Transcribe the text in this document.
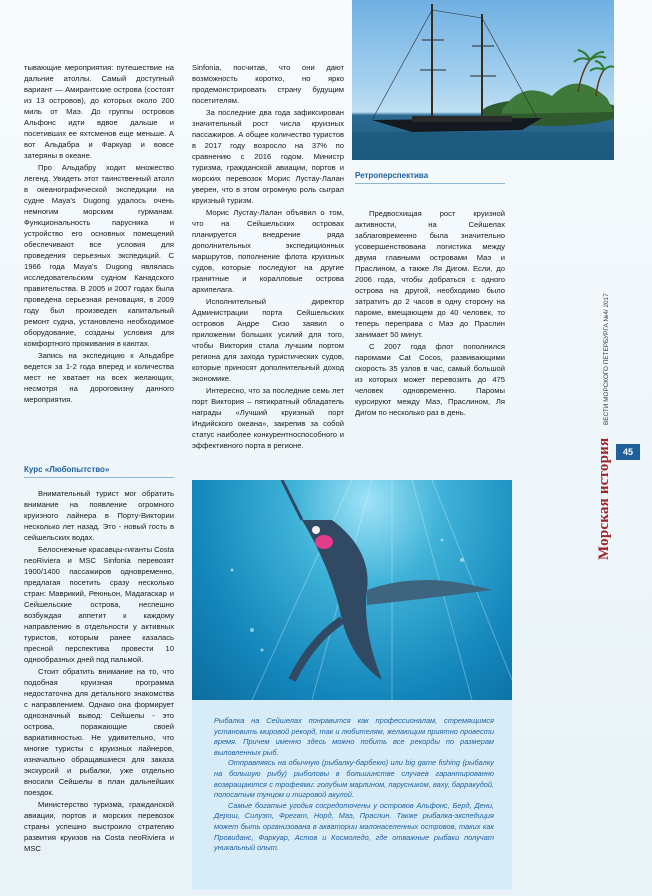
тывающие мероприятия: путешествие на дальние атоллы. Самый доступный вариант — Амирантские острова (состоят из 13 островов), до которых около 200 миль от Маэ. До группы островов Альфонс идти вдвое дальше и посетивших ее яхтсменов еще меньше. А вот Альдабра и Фаркуар и вовсе затеряны в океане.

Про Альдабру ходит множество легенд. Увидеть этот таинственный атолл в океанографической экспедиции на судне Maya's Dugong удалось очень немногим морским гурманам. Функциональность парусника и устройство его основных помещений обеспечивают все условия для проведения серьезных экспедиций. С 1966 года Maya's Dugong являлась исследовательским судном Канадского правительства. В 2005 и 2007 годах была проведена серьезная реновация, в 2009 году был произведен капитальный ремонт судна, установлено необходимое оборудование, созданы условия для комфортного проживания в каютах.

Запись на экспедицию к Альдабре ведется за 1-2 года вперед и количества мест не хватает на всех желающих, несмотря на дороговизну данного мероприятия.

Курс «Любопытство»

Внимательный турист мог обратить внимание на появление огромного круизного лайнера в Порту-Виктории несколько лет назад. Это - новый гость в сейшельских водах.

Белоснежные красавцы-гиганты Costa neoRiviera и MSC Sinfonia перевозят 1900/1400 пассажиров одновременно, предлагая посетить сразу несколько стран: Маврикий, Реюньон, Мадагаскар и Сейшельские острова, неспешно возбуждая аппетит к каждому направлению в отдельности у активных туристов, которым ранее казалась пресной перспектива провести 10 однообразных дней под пальмой.

Стоит обратить внимание на то, что подобная круизная программа недостаточна для детального знакомства с направлением. Однако она формирует однозначный вывод: Сейшелы - это острова, поражающие своей вариативностью. Не удивительно, что многие туристы с круизных лайнеров, изначально обращавшиеся для заказа экскурсий и рыбалки, уже отдельно вносили Сейшелы в план дальнейших поездок.

Министерство туризма, гражданской авиации, портов и морских перевозок страны успешно выстроило стратегию развития круизов на Costa neoRiviera и MSC

Sinfonia, посчитав, что они дают возможность коротко, но ярко продемонстрировать страну будущим посетителям.

За последние два года зафиксирован значительный рост числа круизных пассажиров. А общее количество туристов в 2017 году возросло на 37% по сравнению с 2016 годом. Министр туризма, гражданской авиации, портов и морских перевозок Морис Лустау-Лалан уверен, что в этом огромную роль сыграл круизный туризм.

Морис Лустау-Лалан объявил о том, что на Сейшельских островах планируется внедрение ряда дополнительных экспедиционных маршрутов, пополнение флота круизных судов, которые последуют на другие гранитные и коралловые острова архипелага.

Исполнительный директор Администрации порта Сейшельских островов Андре Сизо заявил о приложении больших усилий для того, чтобы Виктория стала лучшим портом региона для захода туристических судов, которые приносят дополнительный доход экономике.

Интересно, что за последние семь лет порт Виктория – пятикратный обладатель награды «Лучший круизный порт Индийского океана», закрепив за собой статус наиболее конкурентноспособного и эффективного порта в регионе.

Ретроперспектива

Предвосхищая рост круизной активности, на Сейшелах заблаговременно была значительно усовершенствована логистика между двумя главными островами Маэ и Праслином, а также Ля Дигом. Если, до 2006 года, чтобы добраться с одного острова на другой, необходимо было затратить до 2 часов в одну сторону на пароме, вмещающем до 40 человек, то теперь переправа с Маэ до Праслин занимает 50 минут.

С 2007 года флот пополнился паромами Cat Cocos, развивающими скорость 35 узлов в час, самый большой из которых может перевозить до 475 человек одновременно. Паромы курсируют между Маэ, Праслином, Ля Дигом по несколько раз в день.

Рыбалка на Сейшелах понравится как профессионалам, стремящимся установить мировой рекорд, так и любителям, желающим приятно провести время. Причем именно здесь можно побить все рекорды по размерам выловленных рыб.

Отправляясь на обычную (рыбалку-барбекю) или big game fishing (рыбалку на большую рыбу) рыболовы в большинстве случаев гарантированно возвращаются с трофеями: голубым марлином, парусником, вахy, барракудой, полосатым тунцом и тигровой акулой.

Самые богатые угодья сосредоточены у островов Альфонс, Берд, Дени, Дерош, Силуэт, Фрегат, Норд, Маэ, Праслин. Также рыбалка-экспедиция может быть организована в акватории малонаселенных островов, таких как Провиданс, Фаркуар, Астов и Космоледо, где отважные рыбаки получат уникальный опыт.

Морская история
ВЕСТИ МОРСКОГО ПЕТЕРБУРГА №4/ 2017
45
